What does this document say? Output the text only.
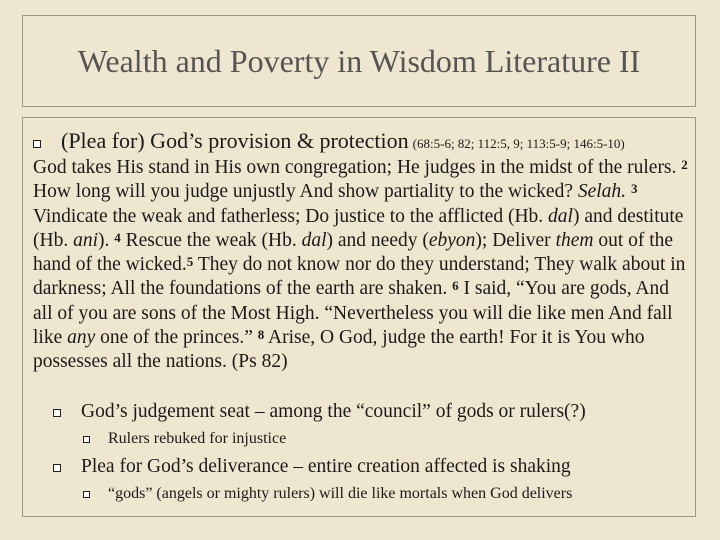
Wealth and Poverty in Wisdom Literature II
(Plea for) God’s provision & protection (68:5-6; 82; 112:5, 9; 113:5-9; 146:5-10)
God takes His stand in His own congregation; He judges in the midst of the rulers. $^2$ How long will you judge unjustly And show partiality to the wicked? Selah. $^3$ Vindicate the weak and fatherless; Do justice to the afflicted (Hb. dal) and destitute (Hb. ani). $^4$ Rescue the weak (Hb. dal) and needy (ebyon); Deliver them out of the hand of the wicked.$^5$ They do not know nor do they understand; They walk about in darkness; All the foundations of the earth are shaken. $^6$ I said, “You are gods, And all of you are sons of the Most High. “Nevertheless you will die like men And fall like any one of the princes.” $^8$ Arise, O God, judge the earth! For it is You who possesses all the nations. (Ps 82)
God’s judgement seat – among the “council” of gods or rulers(?)
Rulers rebuked for injustice
Plea for God’s deliverance – entire creation affected is shaking
“gods” (angels or mighty rulers) will die like mortals when God delivers
